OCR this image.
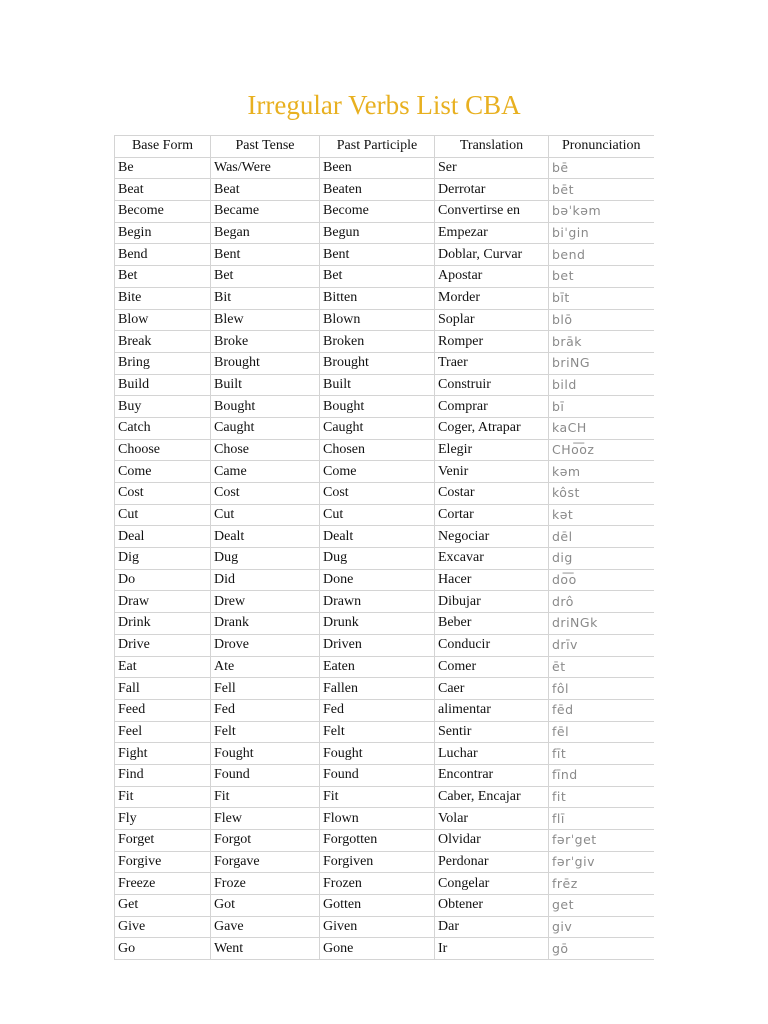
Irregular Verbs List CBA
Base Form	Past Tense	Past Participle	Translation	Pronunciation
Be	Was/Were	Been	Ser	bē
Beat	Beat	Beaten	Derrotar	bēt
Become	Became	Become	Convertirse en	bəˈkəm
Begin	Began	Begun	Empezar	biˈgin
Bend	Bent	Bent	Doblar, Curvar	bend
Bet	Bet	Bet	Apostar	bet
Bite	Bit	Bitten	Morder	bīt
Blow	Blew	Blown	Soplar	blō
Break	Broke	Broken	Romper	brāk
Bring	Brought	Brought	Traer	briNG
Build	Built	Built	Construir	bild
Buy	Bought	Bought	Comprar	bī
Catch	Caught	Caught	Coger, Atrapar	kaCH
Choose	Chose	Chosen	Elegir	CHo͞oz
Come	Came	Come	Venir	kəm
Cost	Cost	Cost	Costar	kôst
Cut	Cut	Cut	Cortar	kət
Deal	Dealt	Dealt	Negociar	dēl
Dig	Dug	Dug	Excavar	dig
Do	Did	Done	Hacer	do͞o
Draw	Drew	Drawn	Dibujar	drô
Drink	Drank	Drunk	Beber	driNGk
Drive	Drove	Driven	Conducir	drīv
Eat	Ate	Eaten	Comer	ēt
Fall	Fell	Fallen	Caer	fôl
Feed	Fed	Fed	alimentar	fēd
Feel	Felt	Felt	Sentir	fēl
Fight	Fought	Fought	Luchar	fīt
Find	Found	Found	Encontrar	fīnd
Fit	Fit	Fit	Caber, Encajar	fit
Fly	Flew	Flown	Volar	flī
Forget	Forgot	Forgotten	Olvidar	fərˈget
Forgive	Forgave	Forgiven	Perdonar	fərˈgiv
Freeze	Froze	Frozen	Congelar	frēz
Get	Got	Gotten	Obtener	get
Give	Gave	Given	Dar	giv
Go	Went	Gone	Ir	gō
